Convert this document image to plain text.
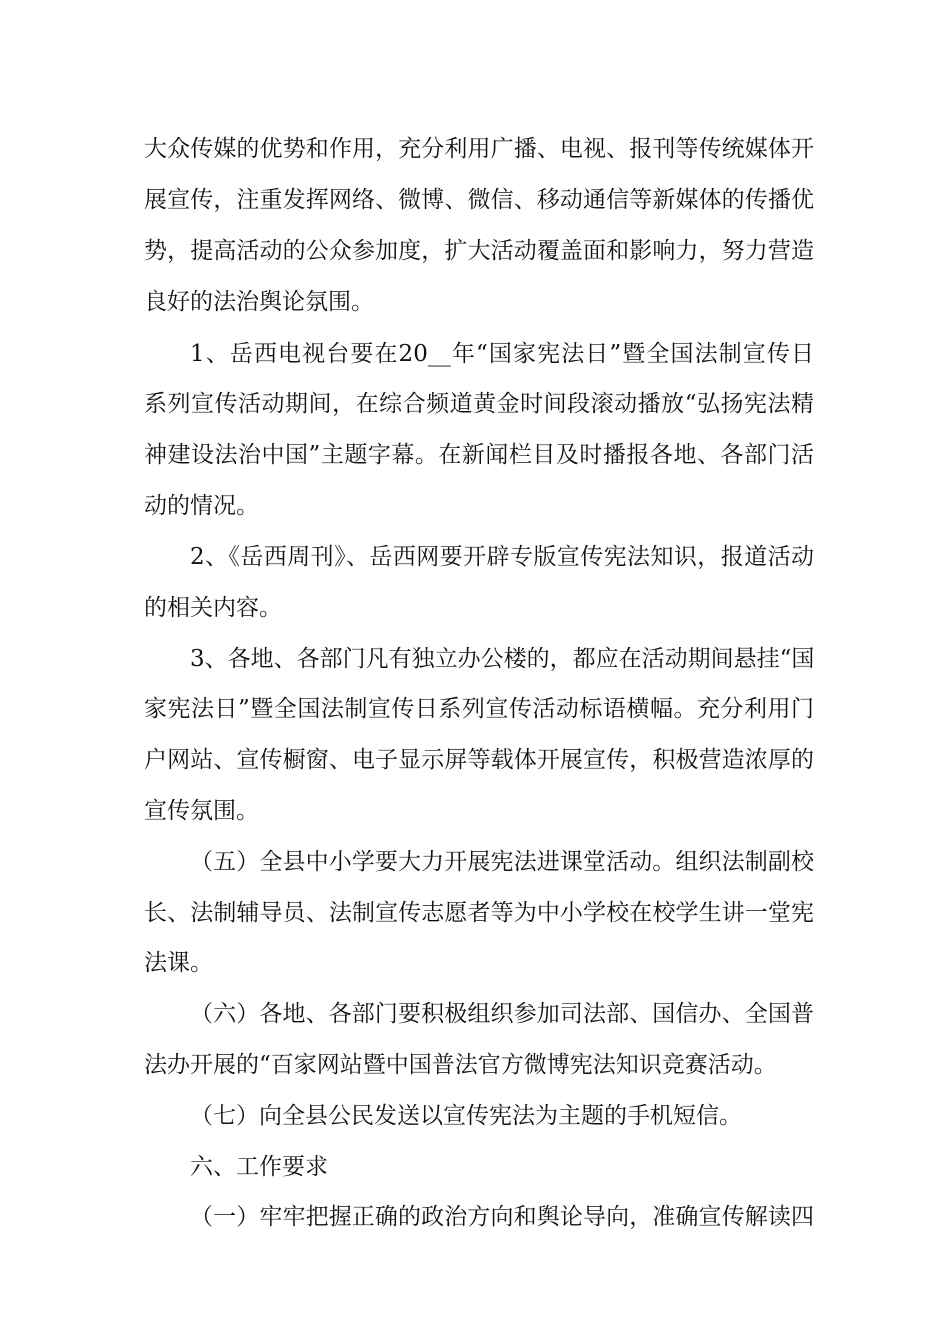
大众传媒的优势和作用，充分利用广播、电视、报刊等传统媒体开
展宣传，注重发挥网络、微博、微信、移动通信等新媒体的传播优
势，提高活动的公众参加度，扩大活动覆盖面和影响力，努力营造
良好的法治舆论氛围。
1、岳西电视台要在20__年“国家宪法日”暨全国法制宣传日
系列宣传活动期间，在综合频道黄金时间段滚动播放“弘扬宪法精
神建设法治中国”主题字幕。在新闻栏目及时播报各地、各部门活
动的情况。
2、《岳西周刊》、岳西网要开辟专版宣传宪法知识，报道活动
的相关内容。
3、各地、各部门凡有独立办公楼的，都应在活动期间悬挂“国
家宪法日”暨全国法制宣传日系列宣传活动标语横幅。充分利用门
户网站、宣传橱窗、电子显示屏等载体开展宣传，积极营造浓厚的
宣传氛围。
（五）全县中小学要大力开展宪法进课堂活动。组织法制副校
长、法制辅导员、法制宣传志愿者等为中小学校在校学生讲一堂宪
法课。
（六）各地、各部门要积极组织参加司法部、国信办、全国普
法办开展的“百家网站暨中国普法官方微博宪法知识竞赛活动。
（七）向全县公民发送以宣传宪法为主题的手机短信。
六、工作要求
（一）牢牢把握正确的政治方向和舆论导向，准确宣传解读四
